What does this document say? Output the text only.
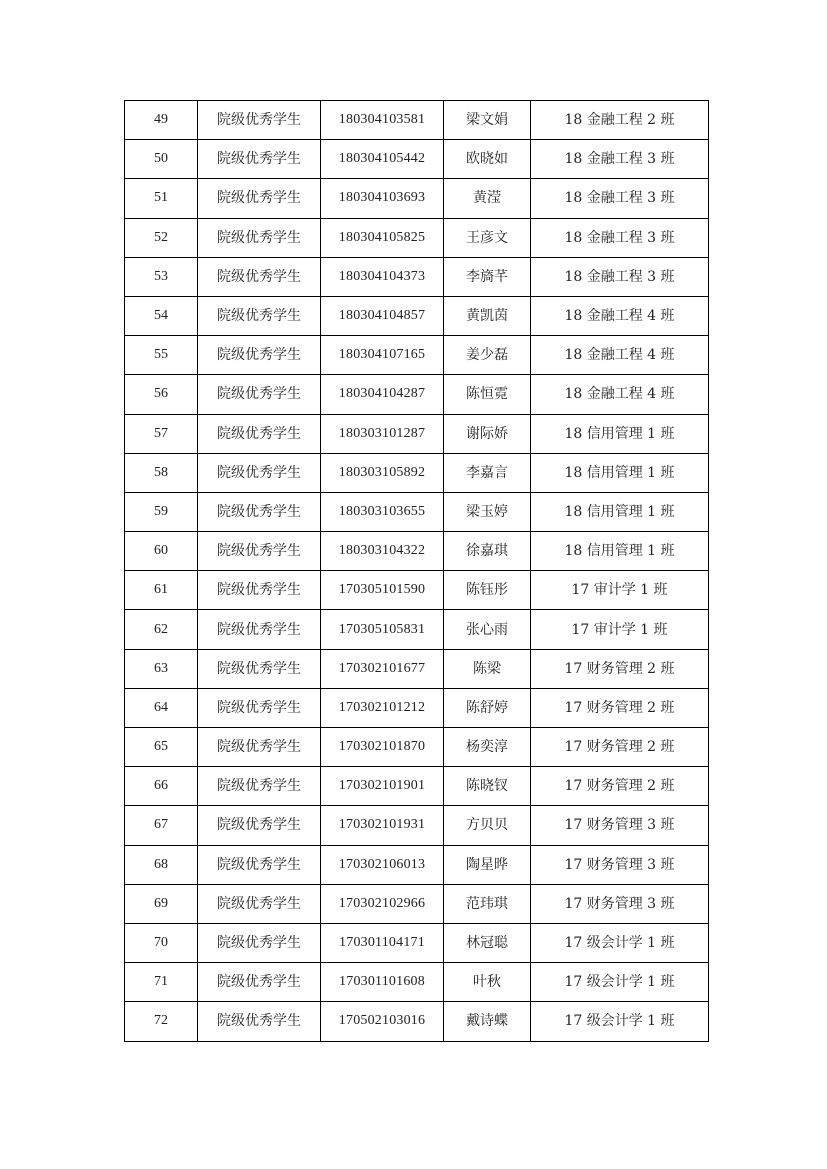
49	院级优秀学生	180304103581	梁文娟	18 金融工程 2 班
50	院级优秀学生	180304105442	欧晓如	18 金融工程 3 班
51	院级优秀学生	180304103693	黄滢	18 金融工程 3 班
52	院级优秀学生	180304105825	王彦文	18 金融工程 3 班
53	院级优秀学生	180304104373	李旖芊	18 金融工程 3 班
54	院级优秀学生	180304104857	黄凯茵	18 金融工程 4 班
55	院级优秀学生	180304107165	姜少磊	18 金融工程 4 班
56	院级优秀学生	180304104287	陈恒霓	18 金融工程 4 班
57	院级优秀学生	180303101287	谢际娇	18 信用管理 1 班
58	院级优秀学生	180303105892	李嘉言	18 信用管理 1 班
59	院级优秀学生	180303103655	梁玉婷	18 信用管理 1 班
60	院级优秀学生	180303104322	徐嘉琪	18 信用管理 1 班
61	院级优秀学生	170305101590	陈钰彤	17 审计学 1 班
62	院级优秀学生	170305105831	张心雨	17 审计学 1 班
63	院级优秀学生	170302101677	陈梁	17 财务管理 2 班
64	院级优秀学生	170302101212	陈舒婷	17 财务管理 2 班
65	院级优秀学生	170302101870	杨奕淳	17 财务管理 2 班
66	院级优秀学生	170302101901	陈晓钗	17 财务管理 2 班
67	院级优秀学生	170302101931	方贝贝	17 财务管理 3 班
68	院级优秀学生	170302106013	陶星晔	17 财务管理 3 班
69	院级优秀学生	170302102966	范玮琪	17 财务管理 3 班
70	院级优秀学生	170301104171	林冠聪	17 级会计学 1 班
71	院级优秀学生	170301101608	叶秋	17 级会计学 1 班
72	院级优秀学生	170502103016	戴诗蝶	17 级会计学 1 班
